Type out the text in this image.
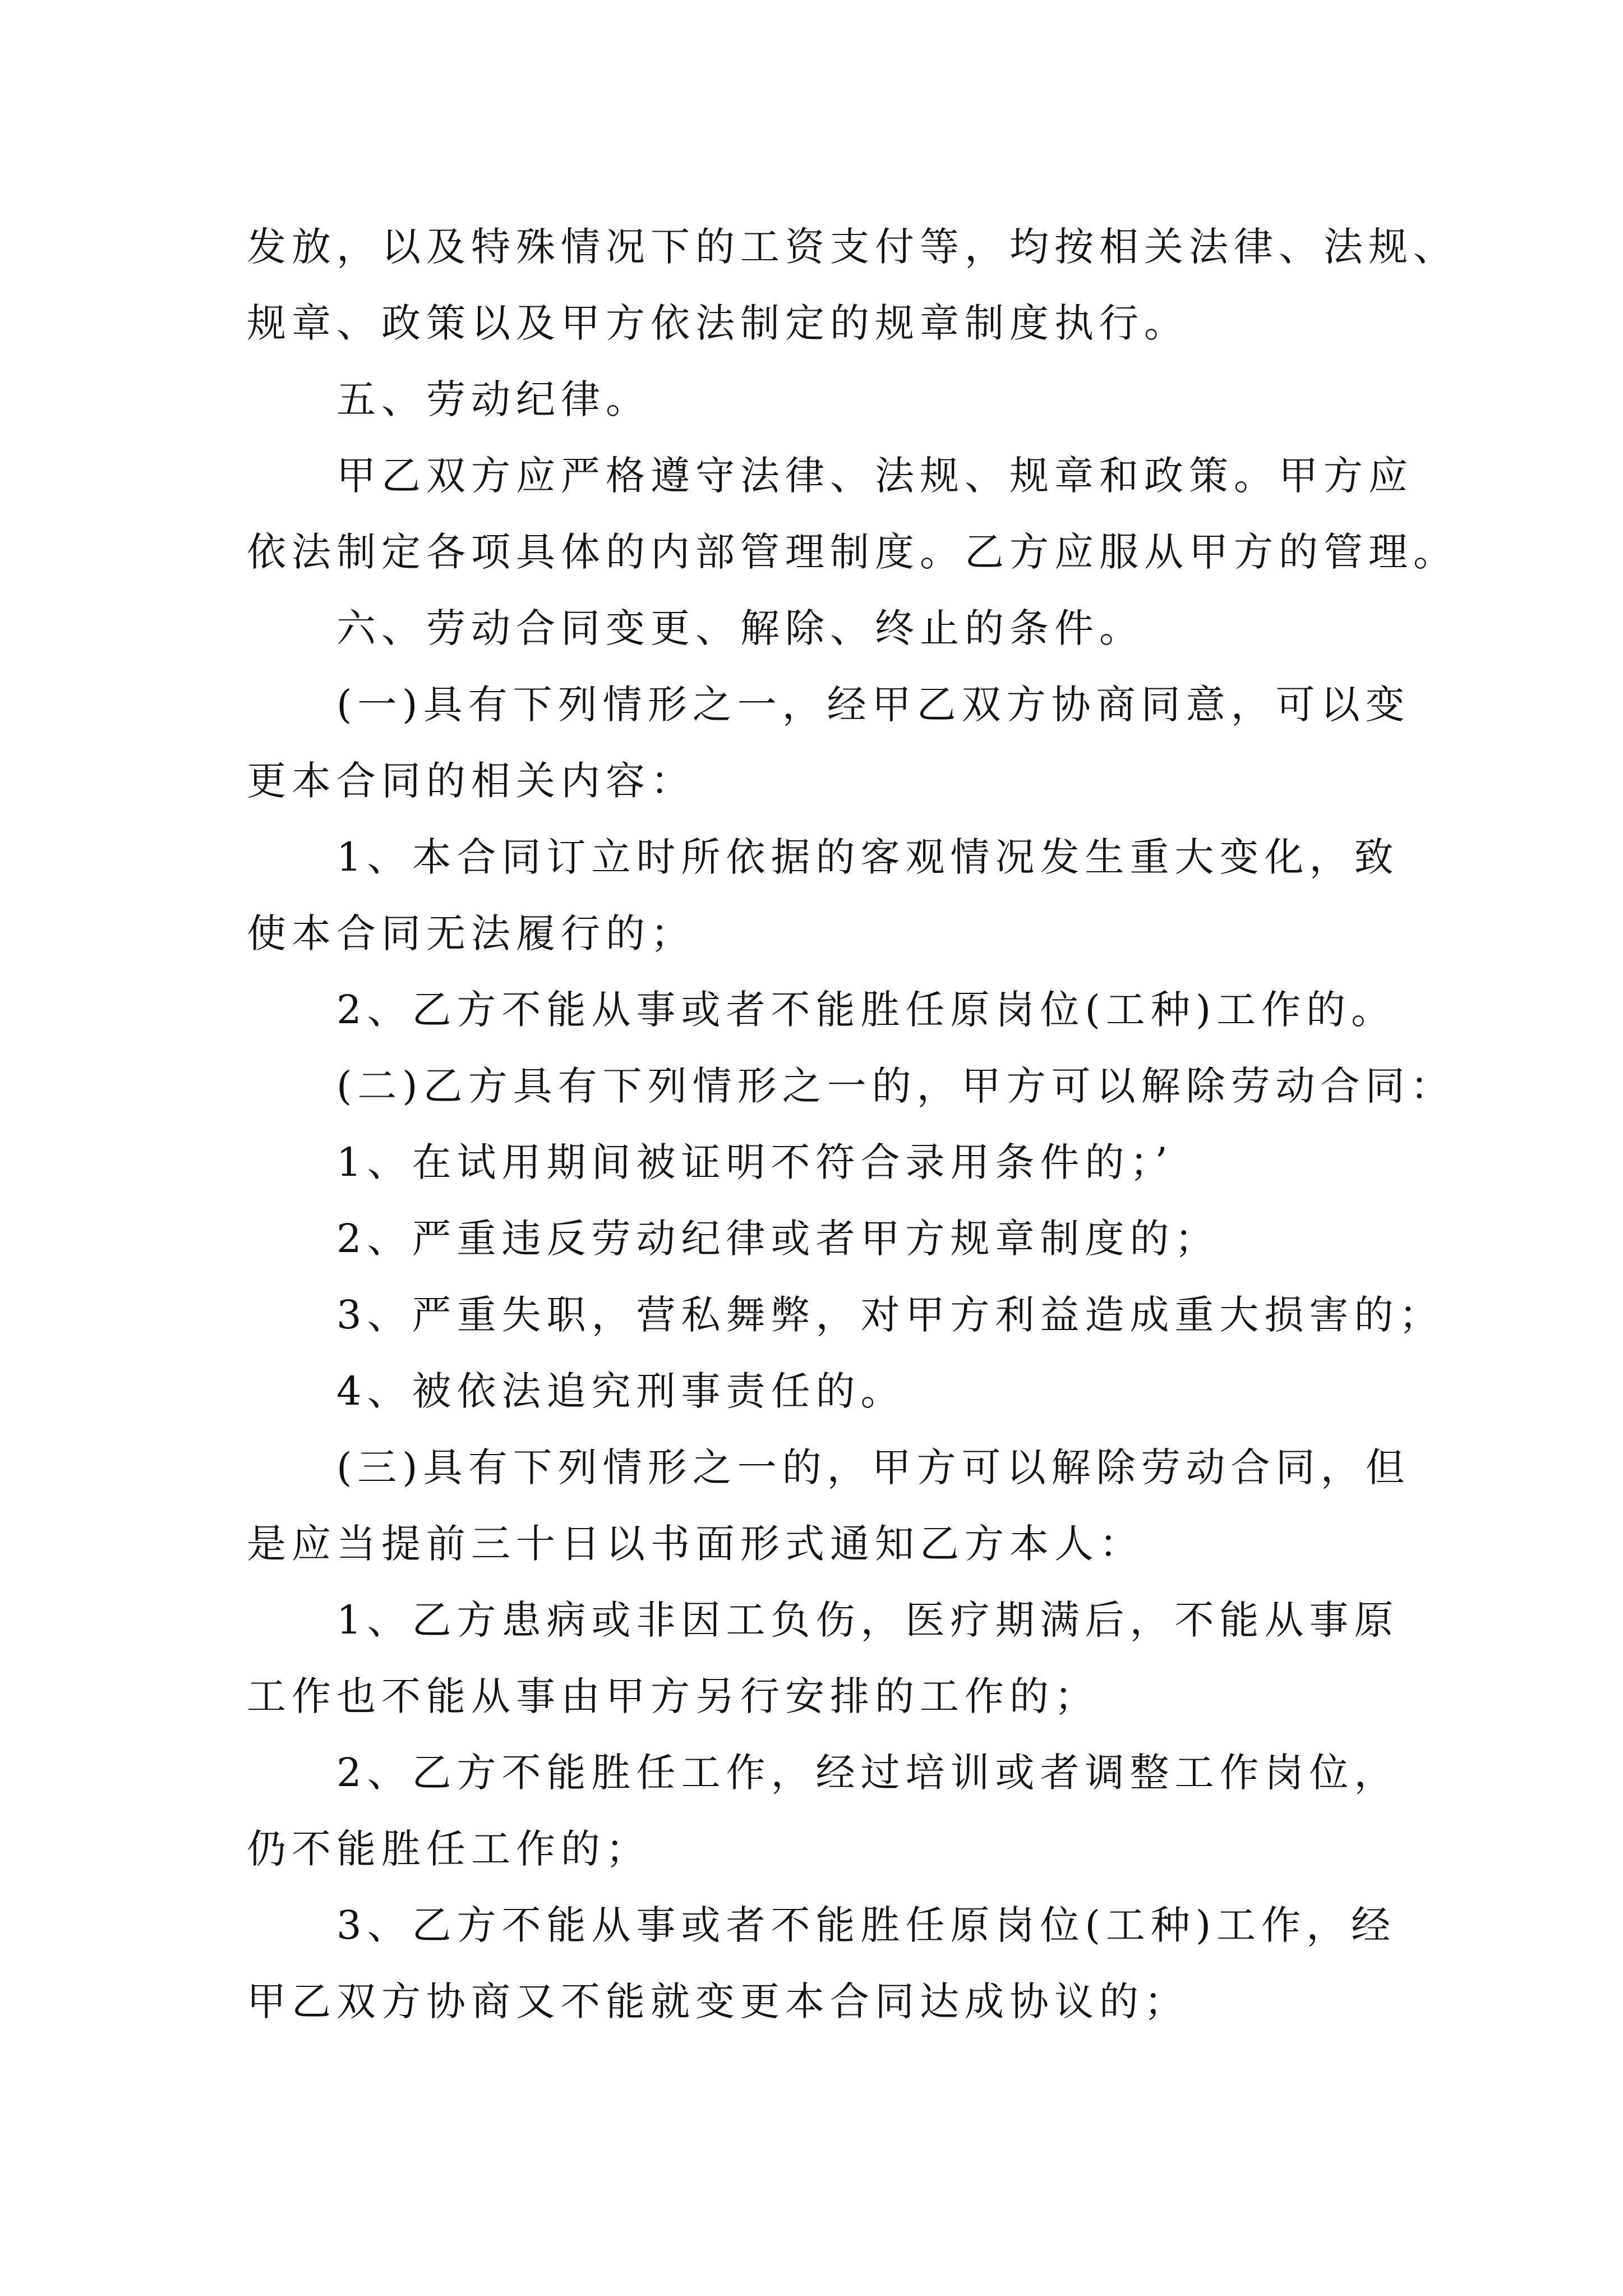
发放，以及特殊情况下的工资支付等，均按相关法律、法规、
规章、政策以及甲方依法制定的规章制度执行。
五、劳动纪律。
甲乙双方应严格遵守法律、法规、规章和政策。甲方应
依法制定各项具体的内部管理制度。乙方应服从甲方的管理。
六、劳动合同变更、解除、终止的条件。
(一)具有下列情形之一，经甲乙双方协商同意，可以变
更本合同的相关内容：
1、本合同订立时所依据的客观情况发生重大变化，致
使本合同无法履行的；
2、乙方不能从事或者不能胜任原岗位(工种)工作的。
(二)乙方具有下列情形之一的，甲方可以解除劳动合同：
1、在试用期间被证明不符合录用条件的；’
2、严重违反劳动纪律或者甲方规章制度的；
3、严重失职，营私舞弊，对甲方利益造成重大损害的；
4、被依法追究刑事责任的。
(三)具有下列情形之一的，甲方可以解除劳动合同，但
是应当提前三十日以书面形式通知乙方本人：
1、乙方患病或非因工负伤，医疗期满后，不能从事原
工作也不能从事由甲方另行安排的工作的；
2、乙方不能胜任工作，经过培训或者调整工作岗位，
仍不能胜任工作的；
3、乙方不能从事或者不能胜任原岗位(工种)工作，经
甲乙双方协商又不能就变更本合同达成协议的；
